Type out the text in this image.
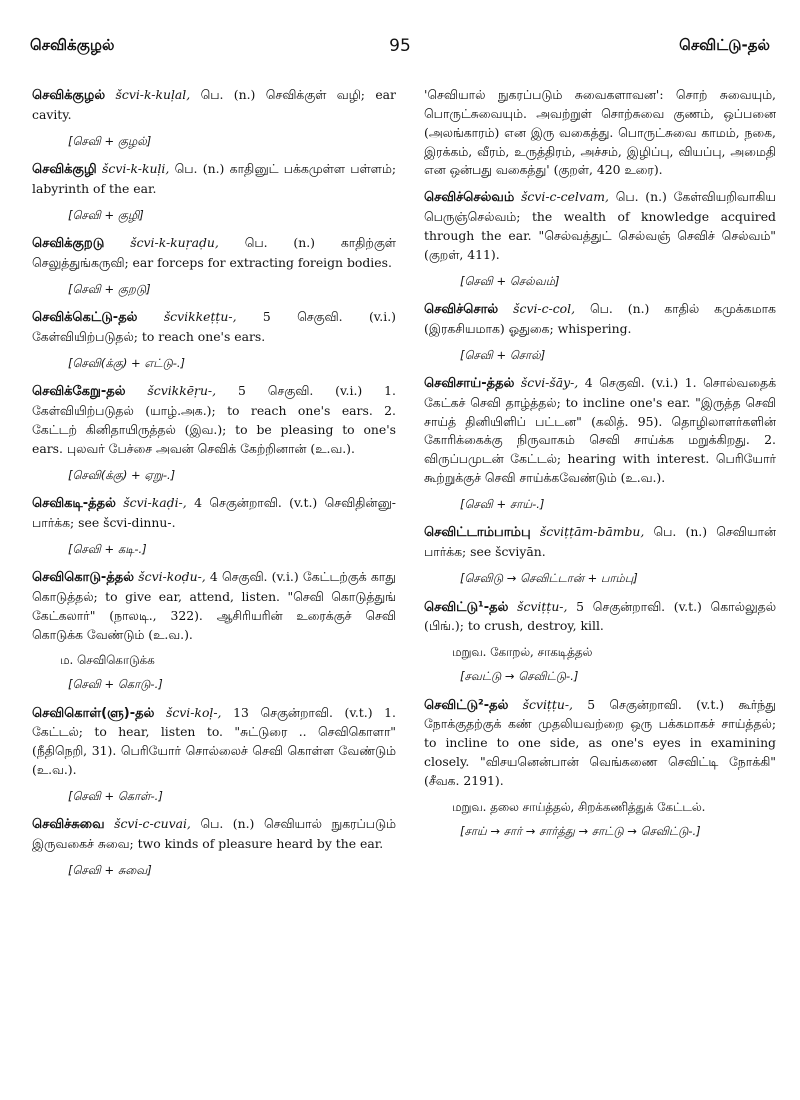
95
செவிக்குழல்	செவிட்டு-தல்

செவிக்குழல் šcvi-k-kuḷal, பெ. (n.) செவிக்குள் வழி; ear cavity.

[செவி + குழல்]

செவிக்குழி šcvi-k-kuḷi, பெ. (n.) காதினுட் பக்கமுள்ள பள்ளம்; labyrinth of the ear.

[செவி + குழி]

செவிக்குறடு šcvi-k-kuṛaḍu, பெ. (n.) காதிற்குள் செலுத்துங்கருவி; ear forceps for extracting foreign bodies.

[செவி + குறடு]

செவிக்கெட்டு-தல் šcvikkeṭṭu-, 5 செகுவி. (v.i.) கேள்வியிற்படுதல்; to reach one's ears.

[செவி(க்கு) + எட்டு-.]

செவிக்கேறு-தல் šcvikkēṛu-, 5 செகுவி. (v.i.) 1. கேள்வியிற்படுதல் (யாழ்.அக.); to reach one's ears. 2. கேட்டற் கினிதாயிருத்தல் (இவ.); to be pleasing to one's ears. புலவர் பேச்சை அவன் செவிக் கேற்றினான் (உ.வ.).

[செவி(க்கு) + ஏறு-.]

செவிகடி-த்தல் šcvi-kaḍi-, 4 செகுன்றாவி. (v.t.) செவிதின்னு- பார்க்க; see šcvi-dinnu-.

[செவி + கடி-.]

செவிகொடு-த்தல் šcvi-koḍu-, 4 செகுவி. (v.i.) கேட்டற்குக் காது கொடுத்தல்; to give ear, attend, listen. "செவி கொடுத்துங் கேட்கலார்" (நாலடி., 322). ஆசிரியரின் உரைக்குச் செவி கொடுக்க வேண்டும் (உ.வ.).

ம. செவிகொடுக்க
[செவி + கொடு-.]

செவிகொள்(ளு)-தல் šcvi-koḷ-, 13 செகுன்றாவி. (v.t.) 1. கேட்டல்; to hear, listen to. "சுட்டுரை .. செவிகொளா" (நீதிநெறி, 31). பெரியோர் சொல்லைச் செவி கொள்ள வேண்டும் (உ.வ.).

[செவி + கொள்-.]

செவிச்சுவை šcvi-c-cuvai, பெ. (n.) செவியால் நுகரப்படும் இருவகைச் சுவை; two kinds of pleasure heard by the ear.

[செவி + சுவை]

'செவியால் நுகரப்படும் சுவைகளாவன': சொற் சுவையும், பொருட்சுவையும். அவற்றுள் சொற்சுவை குணம், ஒப்பனை (அலங்காரம்) என இரு வகைத்து. பொருட்சுவை காமம், நகை, இரக்கம், வீரம், உருத்திரம், அச்சம், இழிப்பு, வியப்பு, அமைதி என ஒன்பது வகைத்து' (குறள், 420 உரை).

செவிச்செல்வம் šcvi-c-celvam, பெ. (n.) கேள்வியறிவாகிய பெருஞ்செல்வம்; the wealth of knowledge acquired through the ear. "செல்வத்துட் செல்வஞ் செவிச் செல்வம்" (குறள், 411).

[செவி + செல்வம்]

செவிச்சொல் šcvi-c-col, பெ. (n.) காதில் கமுக்கமாக (இரகசியமாக) ஓதுகை; whispering.

[செவி + சொல்]

செவிசாய்-த்தல் šcvi-šāy-, 4 செகுவி. (v.i.) 1. சொல்வதைக் கேட்கச் செவி தாழ்த்தல்; to incline one's ear. "இருத்த செவி சாய்த் தினியிளிப் பட்டன" (கலித். 95). தொழிலாளர்களின் கோரிக்கைக்கு நிருவாகம் செவி சாய்க்க மறுக்கிறது. 2. விருப்பமுடன் கேட்டல்; hearing with interest. பெரியோர் கூற்றுக்குச் செவி சாய்க்கவேண்டும் (உ.வ.).

[செவி + சாய்-.]

செவிட்டாம்பாம்பு šcviṭṭām-bāmbu, பெ. (n.) செவியான் பார்க்க; see šcviyān.

[செவிடு → செவிட்டான் + பாம்பு]

செவிட்டு¹-தல் šcviṭṭu-, 5 செகுன்றாவி. (v.t.) கொல்லுதல் (பிங்.); to crush, destroy, kill.

மறுவ. கோறல், சாகடித்தல்
[சவட்டு → செவிட்டு-.]

செவிட்டு²-தல் šcviṭṭu-, 5 செகுன்றாவி. (v.t.) கூர்ந்து நோக்குதற்குக் கண் முதலியவற்றை ஒரு பக்கமாகச் சாய்த்தல்; to incline to one side, as one's eyes in examining closely. "விசயனென்பான் வெங்கணை செவிட்டி நோக்கி" (சீவக. 2191).

மறுவ. தலை சாய்த்தல், சிறக்கணித்துக் கேட்டல்.
[சாய் → சார் → சார்த்து → சாட்டு → செவிட்டு-.]
